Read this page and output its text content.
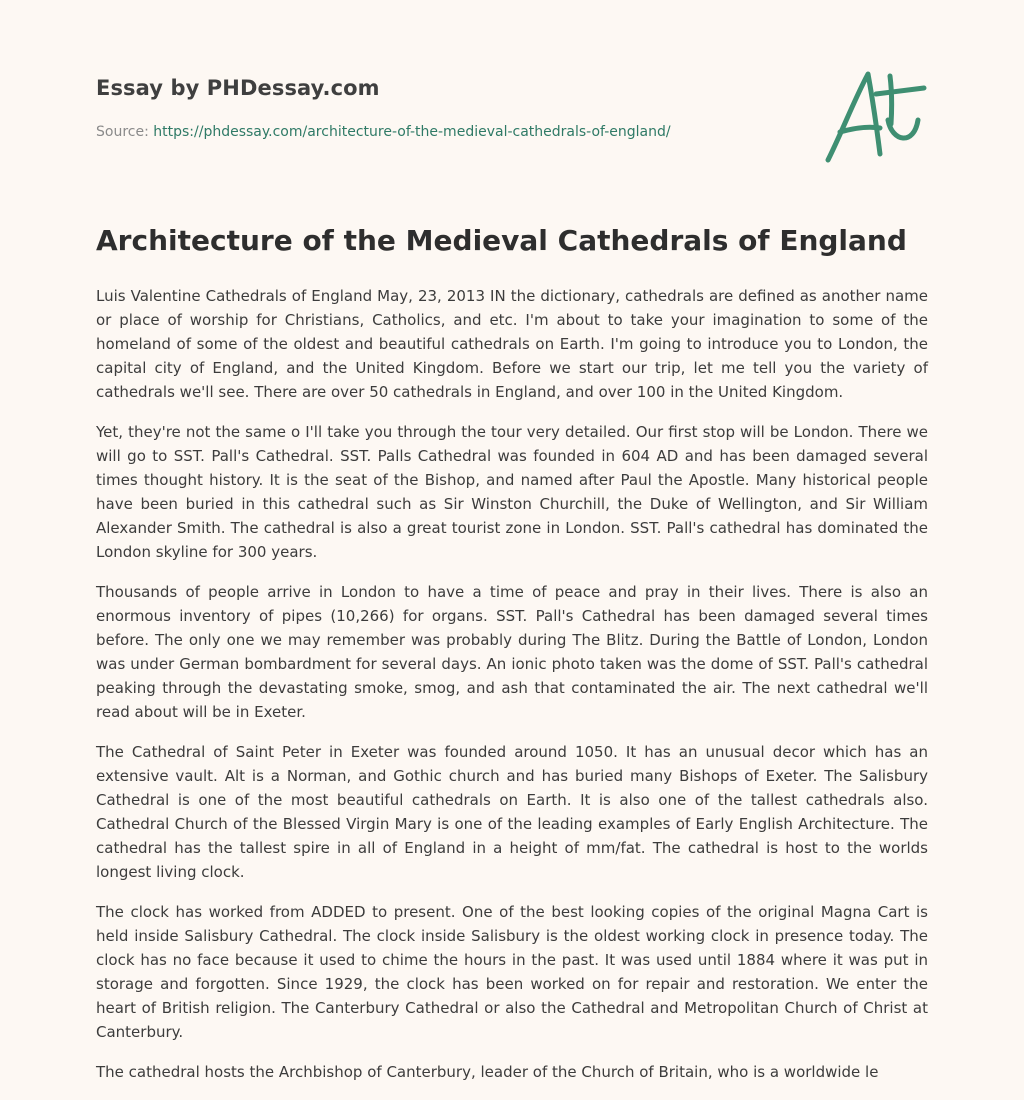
Essay by PHDessay.com
Source: https://phdessay.com/architecture-of-the-medieval-cathedrals-of-england/
Architecture of the Medieval Cathedrals of England

Luis Valentine Cathedrals of England May, 23, 2013 IN the dictionary, cathedrals are defined as another name or place of worship for Christians, Catholics, and etc. I'm about to take your imagination to some of the homeland of some of the oldest and beautiful cathedrals on Earth. I'm going to introduce you to London, the capital city of England, and the United Kingdom. Before we start our trip, let me tell you the variety of cathedrals we'll see. There are over 50 cathedrals in England, and over 100 in the United Kingdom.

Yet, they're not the same o I'll take you through the tour very detailed. Our first stop will be London. There we will go to SST. Pall's Cathedral. SST. Palls Cathedral was founded in 604 AD and has been damaged several times thought history. It is the seat of the Bishop, and named after Paul the Apostle. Many historical people have been buried in this cathedral such as Sir Winston Churchill, the Duke of Wellington, and Sir William Alexander Smith. The cathedral is also a great tourist zone in London. SST. Pall's cathedral has dominated the London skyline for 300 years.

Thousands of people arrive in London to have a time of peace and pray in their lives. There is also an enormous inventory of pipes (10,266) for organs. SST. Pall's Cathedral has been damaged several times before. The only one we may remember was probably during The Blitz. During the Battle of London, London was under German bombardment for several days. An ionic photo taken was the dome of SST. Pall's cathedral peaking through the devastating smoke, smog, and ash that contaminated the air. The next cathedral we'll read about will be in Exeter.

The Cathedral of Saint Peter in Exeter was founded around 1050. It has an unusual decor which has an extensive vault. Alt is a Norman, and Gothic church and has buried many Bishops of Exeter. The Salisbury Cathedral is one of the most beautiful cathedrals on Earth. It is also one of the tallest cathedrals also. Cathedral Church of the Blessed Virgin Mary is one of the leading examples of Early English Architecture. The cathedral has the tallest spire in all of England in a height of mm/fat. The cathedral is host to the worlds longest living clock.

The clock has worked from ADDED to present. One of the best looking copies of the original Magna Cart is held inside Salisbury Cathedral. The clock inside Salisbury is the oldest working clock in presence today. The clock has no face because it used to chime the hours in the past. It was used until 1884 where it was put in storage and forgotten. Since 1929, the clock has been worked on for repair and restoration. We enter the heart of British religion. The Canterbury Cathedral or also the Cathedral and Metropolitan Church of Christ at Canterbury.

The cathedral hosts the Archbishop of Canterbury, leader of the Church of Britain, who is a worldwide le
